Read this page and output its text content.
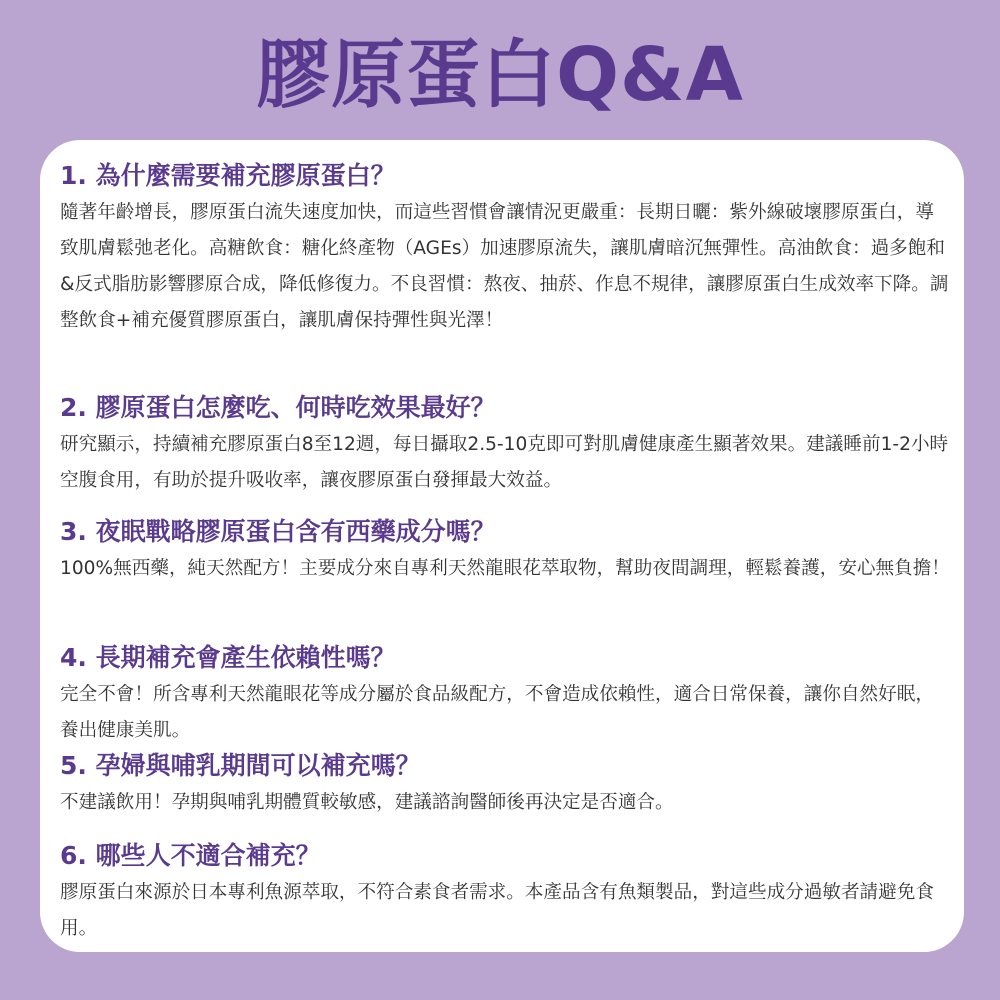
膠原蛋白Q&A
1. 為什麼需要補充膠原蛋白？
隨著年齡增長，膠原蛋白流失速度加快，而這些習慣會讓情況更嚴重：長期日曬：紫外線破壞膠原蛋白，導致肌膚鬆弛老化。高糖飲食：糖化終產物（AGEs）加速膠原流失，讓肌膚暗沉無彈性。高油飲食：過多飽和&反式脂肪影響膠原合成，降低修復力。不良習慣：熬夜、抽菸、作息不規律，讓膠原蛋白生成效率下降。調整飲食+補充優質膠原蛋白，讓肌膚保持彈性與光澤！
2. 膠原蛋白怎麼吃、何時吃效果最好？
研究顯示，持續補充膠原蛋白8至12週，每日攝取2.5-10克即可對肌膚健康產生顯著效果。建議睡前1-2小時空腹食用，有助於提升吸收率，讓夜膠原蛋白發揮最大效益。
3. 夜眠戰略膠原蛋白含有西藥成分嗎？
100%無西藥，純天然配方！主要成分來自專利天然龍眼花萃取物，幫助夜間調理，輕鬆養護，安心無負擔！
4. 長期補充會產生依賴性嗎？
完全不會！所含專利天然龍眼花等成分屬於食品級配方，不會造成依賴性，適合日常保養，讓你自然好眠，養出健康美肌。
5. 孕婦與哺乳期間可以補充嗎？
不建議飲用！孕期與哺乳期體質較敏感，建議諮詢醫師後再決定是否適合。
6. 哪些人不適合補充？
膠原蛋白來源於日本專利魚源萃取，不符合素食者需求。本產品含有魚類製品，對這些成分過敏者請避免食用。
